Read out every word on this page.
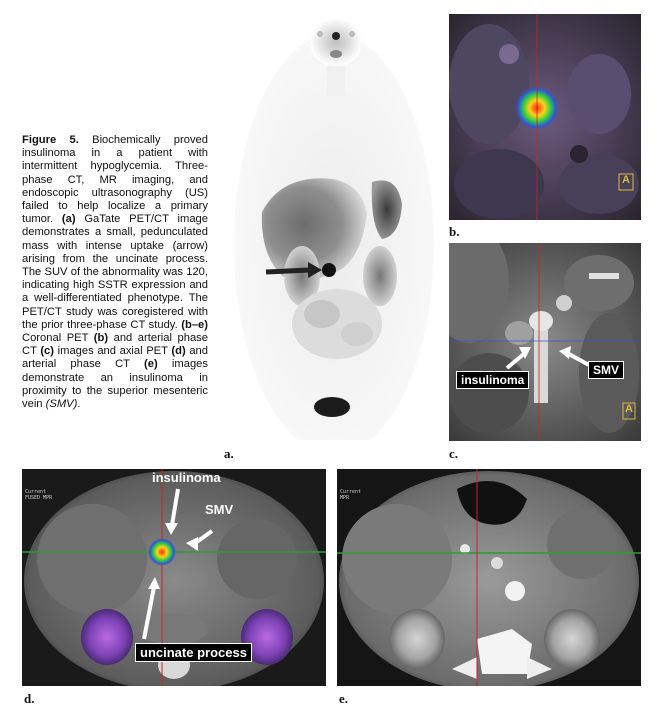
Figure 5. Biochemically proved insulinoma in a patient with intermittent hypoglycemia. Three-phase CT, MR imaging, and endoscopic ultrasonography (US) failed to help localize a primary tumor. (a) GaTate PET/CT image demonstrates a small, pedunculated mass with intense uptake (arrow) arising from the uncinate process. The SUV of the abnormality was 120, indicating high SSTR expression and a well-differentiated phenotype. The PET/CT study was coregistered with the prior three-phase CT study. (b–e) Coronal PET (b) and arterial phase CT (c) images and axial PET (d) and arterial phase CT (e) images demonstrate an insulinoma in proximity to the superior mesenteric vein (SMV).
a.
A
b.
insulinoma
SMV
A
c.
Current
FUSED MPR
insulinoma
SMV
uncinate process
d.
Current
MPR
e.
